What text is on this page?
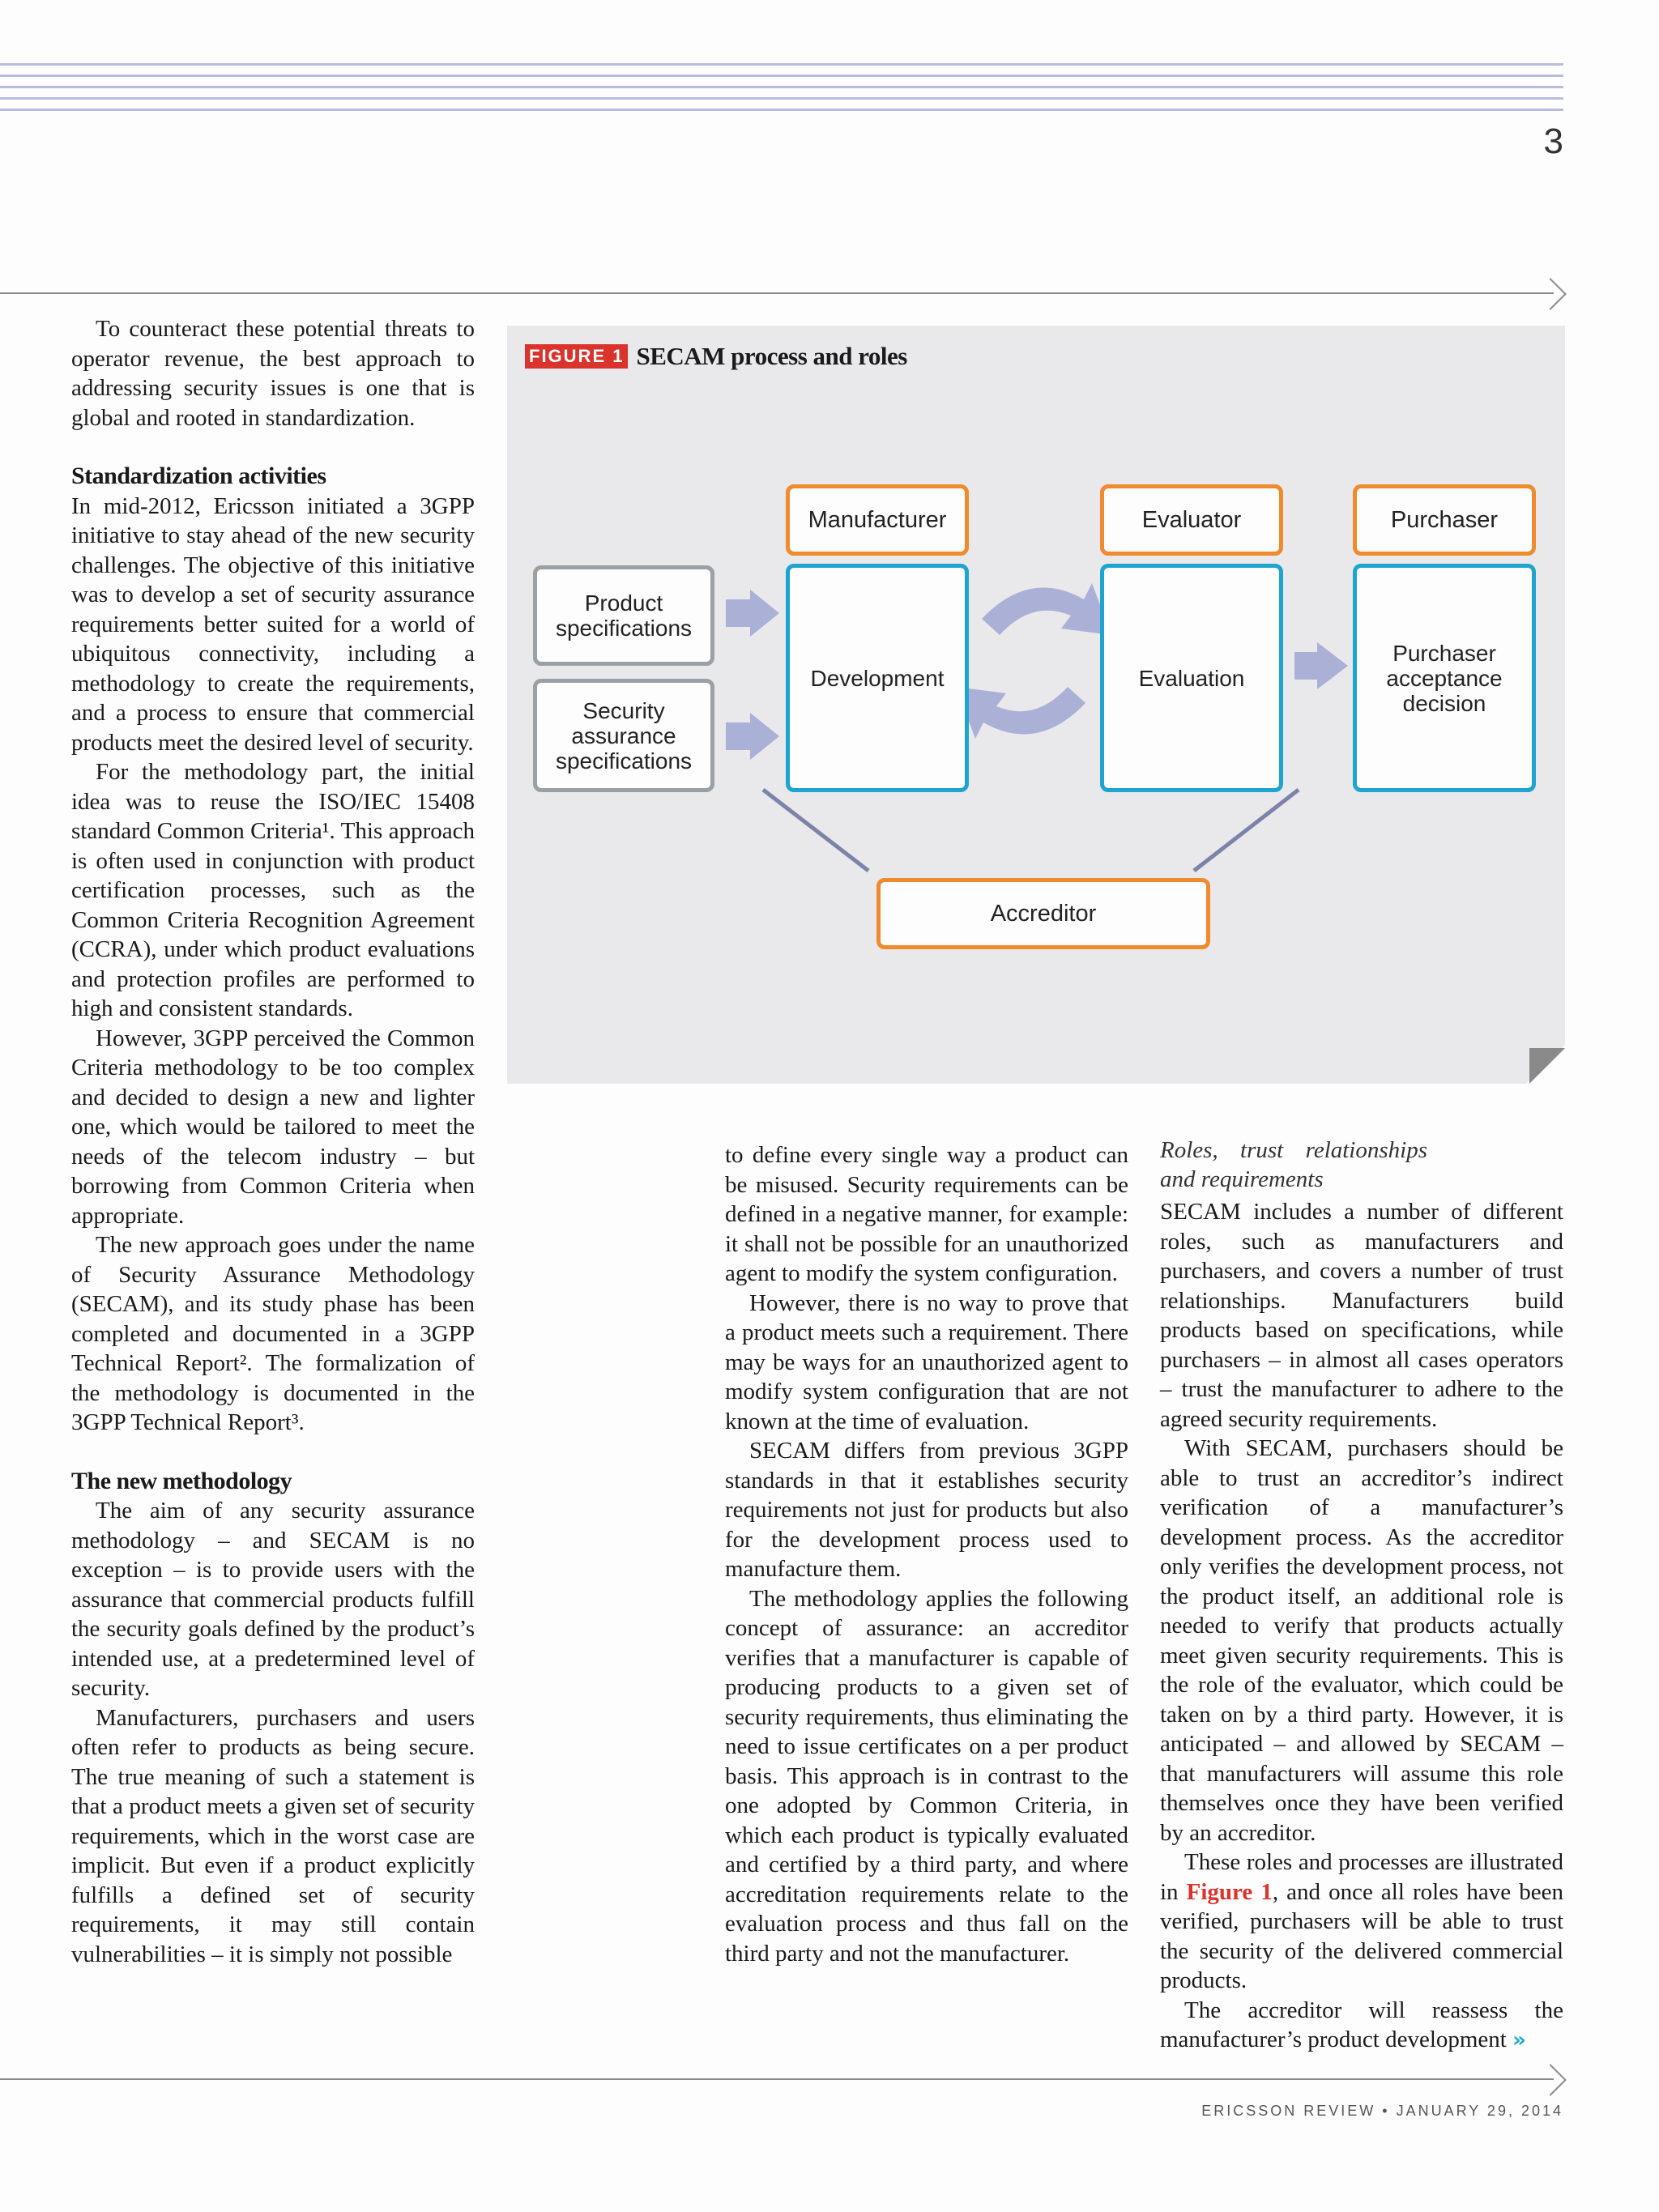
3

To counteract these potential threats to operator revenue, the best approach to addressing security issues is one that is global and rooted in standardization.

Standardization activities

In mid-2012, Ericsson initiated a 3GPP initiative to stay ahead of the new security challenges. The objective of this initiative was to develop a set of security assurance requirements better suited for a world of ubiquitous connectivity, including a methodology to create the requirements, and a process to ensure that commercial products meet the desired level of security.

For the methodology part, the initial idea was to reuse the ISO/IEC 15408 standard Common Criteria¹. This approach is often used in conjunction with product certification processes, such as the Common Criteria Recognition Agreement (CCRA), under which product evaluations and protection profiles are performed to high and consistent standards.

However, 3GPP perceived the Common Criteria methodology to be too complex and decided to design a new and lighter one, which would be tailored to meet the needs of the telecom industry – but borrowing from Common Criteria when appropriate.

The new approach goes under the name of Security Assurance Methodology (SECAM), and its study phase has been completed and documented in a 3GPP Technical Report². The formalization of the methodology is documented in the 3GPP Technical Report³.

The new methodology

The aim of any security assurance methodology – and SECAM is no exception – is to provide users with the assurance that commercial products fulfill the security goals defined by the product’s intended use, at a predetermined level of security.

Manufacturers, purchasers and users often refer to products as being secure. The true meaning of such a statement is that a product meets a given set of security requirements, which in the worst case are implicit. But even if a product explicitly fulfills a defined set of security requirements, it may still contain vulnerabilities – it is simply not possible

FIGURE 1 SECAM process and roles
Manufacturer	Evaluator	Purchaser
Product specifications
Security assurance specifications
Development	Evaluation
Purchaser acceptance decision
Accreditor

to define every single way a product can be misused. Security requirements can be defined in a negative manner, for example: it shall not be possible for an unauthorized agent to modify the system configuration.

However, there is no way to prove that a product meets such a requirement. There may be ways for an unauthorized agent to modify system configuration that are not known at the time of evaluation.

SECAM differs from previous 3GPP standards in that it establishes security requirements not just for products but also for the development process used to manufacture them.

The methodology applies the following concept of assurance: an accreditor verifies that a manufacturer is capable of producing products to a given set of security requirements, thus eliminating the need to issue certificates on a per product basis. This approach is in contrast to the one adopted by Common Criteria, in which each product is typically evaluated and certified by a third party, and where accreditation requirements relate to the evaluation process and thus fall on the third party and not the manufacturer.

Roles, trust relationships and requirements

SECAM includes a number of different roles, such as manufacturers and purchasers, and covers a number of trust relationships. Manufacturers build products based on specifications, while purchasers – in almost all cases operators – trust the manufacturer to adhere to the agreed security requirements.

With SECAM, purchasers should be able to trust an accreditor’s indirect verification of a manufacturer’s development process. As the accreditor only verifies the development process, not the product itself, an additional role is needed to verify that products actually meet given security requirements. This is the role of the evaluator, which could be taken on by a third party. However, it is anticipated – and allowed by SECAM – that manufacturers will assume this role themselves once they have been verified by an accreditor.

These roles and processes are illustrated in Figure 1, and once all roles have been verified, purchasers will be able to trust the security of the delivered commercial products.

The accreditor will reassess the manufacturer’s product development »

ERICSSON REVIEW • JANUARY 29, 2014
